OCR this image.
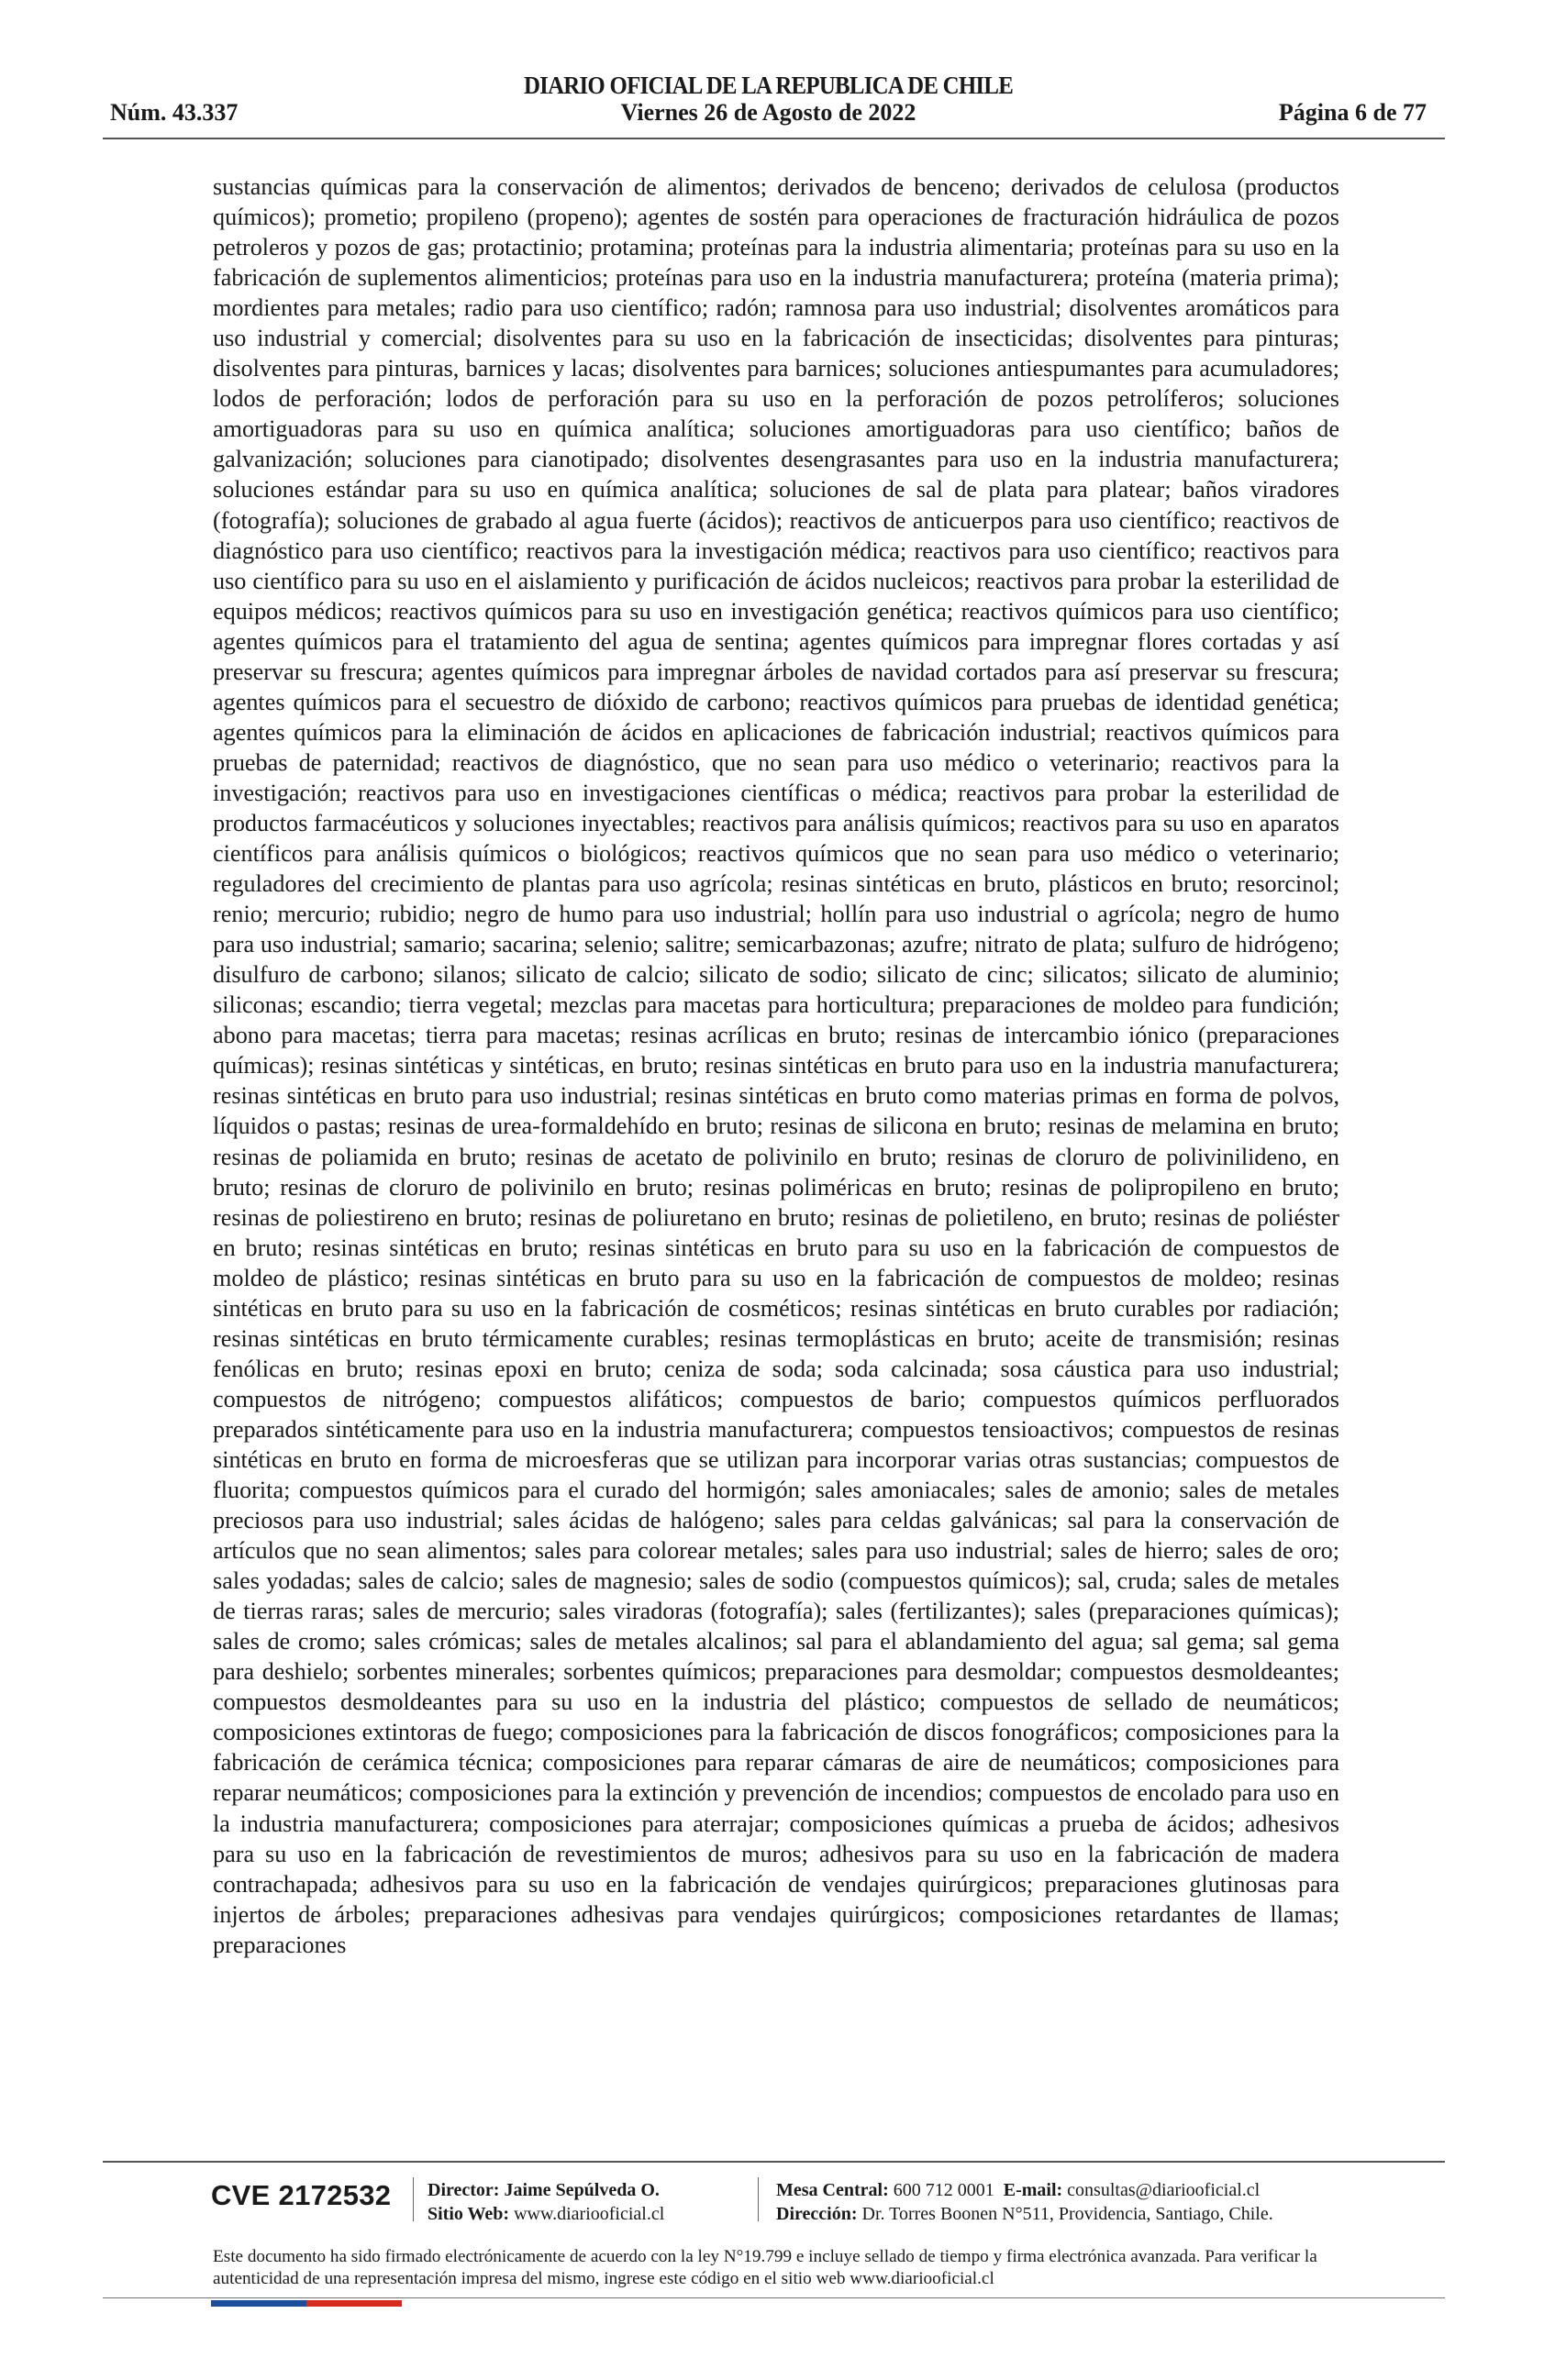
DIARIO OFICIAL DE LA REPUBLICA DE CHILE
Núm. 43.337	Viernes 26 de Agosto de 2022	Página 6 de 77

sustancias químicas para la conservación de alimentos; derivados de benceno; derivados de celulosa (productos químicos); prometio; propileno (propeno); agentes de sostén para operaciones de fracturación hidráulica de pozos petroleros y pozos de gas; protactinio; protamina; proteínas para la industria alimentaria; proteínas para su uso en la fabricación de suplementos alimenticios; proteínas para uso en la industria manufacturera; proteína (materia prima); mordientes para metales; radio para uso científico; radón; ramnosa para uso industrial; disolventes aromáticos para uso industrial y comercial; disolventes para su uso en la fabricación de insecticidas; disolventes para pinturas; disolventes para pinturas, barnices y lacas; disolventes para barnices; soluciones antiespumantes para acumuladores; lodos de perforación; lodos de perforación para su uso en la perforación de pozos petrolíferos; soluciones amortiguadoras para su uso en química analítica; soluciones amortiguadoras para uso científico; baños de galvanización; soluciones para cianotipado; disolventes desengrasantes para uso en la industria manufacturera; soluciones estándar para su uso en química analítica; soluciones de sal de plata para platear; baños viradores (fotografía); soluciones de grabado al agua fuerte (ácidos); reactivos de anticuerpos para uso científico; reactivos de diagnóstico para uso científico; reactivos para la investigación médica; reactivos para uso científico; reactivos para uso científico para su uso en el aislamiento y purificación de ácidos nucleicos; reactivos para probar la esterilidad de equipos médicos; reactivos químicos para su uso en investigación genética; reactivos químicos para uso científico; agentes químicos para el tratamiento del agua de sentina; agentes químicos para impregnar flores cortadas y así preservar su frescura; agentes químicos para impregnar árboles de navidad cortados para así preservar su frescura; agentes químicos para el secuestro de dióxido de carbono; reactivos químicos para pruebas de identidad genética; agentes químicos para la eliminación de ácidos en aplicaciones de fabricación industrial; reactivos químicos para pruebas de paternidad; reactivos de diagnóstico, que no sean para uso médico o veterinario; reactivos para la investigación; reactivos para uso en investigaciones científicas o médica; reactivos para probar la esterilidad de productos farmacéuticos y soluciones inyectables; reactivos para análisis químicos; reactivos para su uso en aparatos científicos para análisis químicos o biológicos; reactivos químicos que no sean para uso médico o veterinario; reguladores del crecimiento de plantas para uso agrícola; resinas sintéticas en bruto, plásticos en bruto; resorcinol; renio; mercurio; rubidio; negro de humo para uso industrial; hollín para uso industrial o agrícola; negro de humo para uso industrial; samario; sacarina; selenio; salitre; semicarbazonas; azufre; nitrato de plata; sulfuro de hidrógeno; disulfuro de carbono; silanos; silicato de calcio; silicato de sodio; silicato de cinc; silicatos; silicato de aluminio; siliconas; escandio; tierra vegetal; mezclas para macetas para horticultura; preparaciones de moldeo para fundición; abono para macetas; tierra para macetas; resinas acrílicas en bruto; resinas de intercambio iónico (preparaciones químicas); resinas sintéticas y sintéticas, en bruto; resinas sintéticas en bruto para uso en la industria manufacturera; resinas sintéticas en bruto para uso industrial; resinas sintéticas en bruto como materias primas en forma de polvos, líquidos o pastas; resinas de urea-formaldehído en bruto; resinas de silicona en bruto; resinas de melamina en bruto; resinas de poliamida en bruto; resinas de acetato de polivinilo en bruto; resinas de cloruro de polivinilideno, en bruto; resinas de cloruro de polivinilo en bruto; resinas poliméricas en bruto; resinas de polipropileno en bruto; resinas de poliestireno en bruto; resinas de poliuretano en bruto; resinas de polietileno, en bruto; resinas de poliéster en bruto; resinas sintéticas en bruto; resinas sintéticas en bruto para su uso en la fabricación de compuestos de moldeo de plástico; resinas sintéticas en bruto para su uso en la fabricación de compuestos de moldeo; resinas sintéticas en bruto para su uso en la fabricación de cosméticos; resinas sintéticas en bruto curables por radiación; resinas sintéticas en bruto térmicamente curables; resinas termoplásticas en bruto; aceite de transmisión; resinas fenólicas en bruto; resinas epoxi en bruto; ceniza de soda; soda calcinada; sosa cáustica para uso industrial; compuestos de nitrógeno; compuestos alifáticos; compuestos de bario; compuestos químicos perfluorados preparados sintéticamente para uso en la industria manufacturera; compuestos tensioactivos; compuestos de resinas sintéticas en bruto en forma de microesferas que se utilizan para incorporar varias otras sustancias; compuestos de fluorita; compuestos químicos para el curado del hormigón; sales amoniacales; sales de amonio; sales de metales preciosos para uso industrial; sales ácidas de halógeno; sales para celdas galvánicas; sal para la conservación de artículos que no sean alimentos; sales para colorear metales; sales para uso industrial; sales de hierro; sales de oro; sales yodadas; sales de calcio; sales de magnesio; sales de sodio (compuestos químicos); sal, cruda; sales de metales de tierras raras; sales de mercurio; sales viradoras (fotografía); sales (fertilizantes); sales (preparaciones químicas); sales de cromo; sales crómicas; sales de metales alcalinos; sal para el ablandamiento del agua; sal gema; sal gema para deshielo; sorbentes minerales; sorbentes químicos; preparaciones para desmoldar; compuestos desmoldeantes; compuestos desmoldeantes para su uso en la industria del plástico; compuestos de sellado de neumáticos; composiciones extintoras de fuego; composiciones para la fabricación de discos fonográficos; composiciones para la fabricación de cerámica técnica; composiciones para reparar cámaras de aire de neumáticos; composiciones para reparar neumáticos; composiciones para la extinción y prevención de incendios; compuestos de encolado para uso en la industria manufacturera; composiciones para aterrajar; composiciones químicas a prueba de ácidos; adhesivos para su uso en la fabricación de revestimientos de muros; adhesivos para su uso en la fabricación de madera contrachapada; adhesivos para su uso en la fabricación de vendajes quirúrgicos; preparaciones glutinosas para injertos de árboles; preparaciones adhesivas para vendajes quirúrgicos; composiciones retardantes de llamas; preparaciones

CVE 2172532 Director: Jaime Sepúlveda O.
Sitio Web: www.diariooficial.cl
Mesa Central: 600 712 0001 E-mail: consultas@diariooficial.cl
Dirección: Dr. Torres Boonen N°511, Providencia, Santiago, Chile.
Este documento ha sido firmado electrónicamente de acuerdo con la ley N°19.799 e incluye sellado de tiempo y firma electrónica avanzada. Para verificar la autenticidad de una representación impresa del mismo, ingrese este código en el sitio web www.diariooficial.cl
